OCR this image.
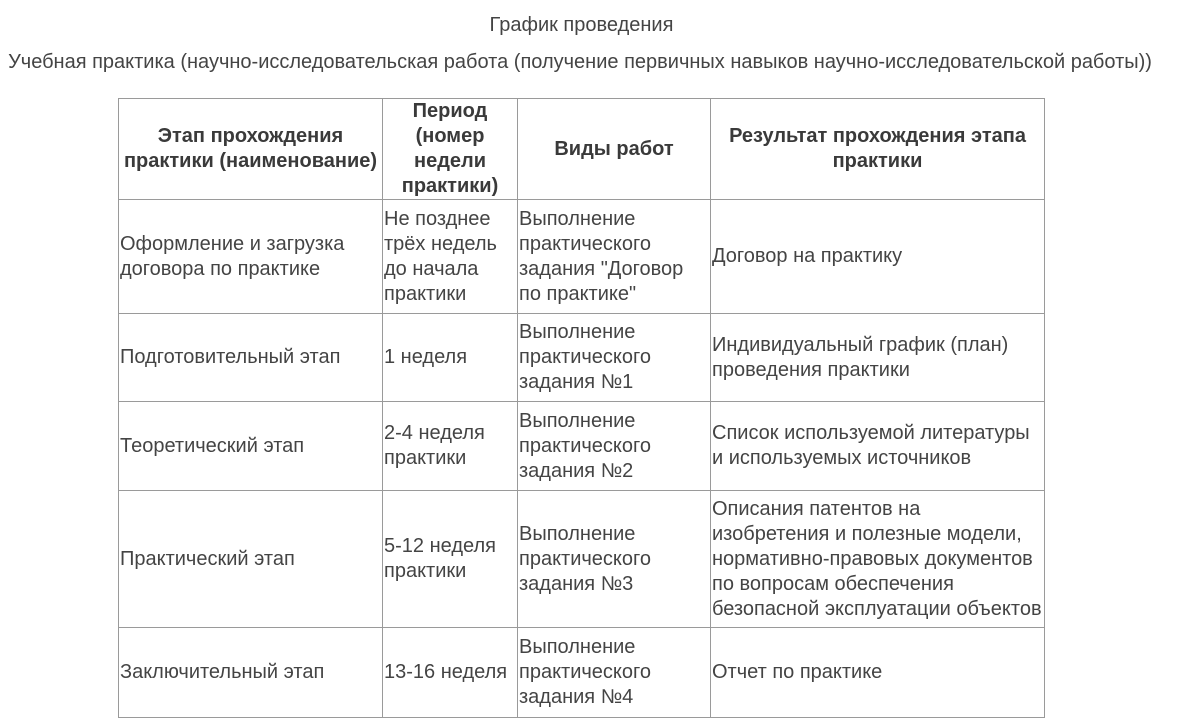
График проведения
Учебная практика (научно-исследовательская работа (получение первичных навыков научно-исследовательской работы))
Этап прохождения практики (наименование)	Период (номер недели практики)	Виды работ	Результат прохождения этапа практики
Оформление и загрузка договора по практике	Не позднее трёх недель до начала практики	Выполнение практического задания "Договор по практике"	Договор на практику
Подготовительный этап	1 неделя	Выполнение практического задания №1	Индивидуальный график (план) проведения практики
Теоретический этап	2-4 неделя практики	Выполнение практического задания №2	Список используемой литературы и используемых источников
Практический этап	5-12 неделя практики	Выполнение практического задания №3	Описания патентов на изобретения и полезные модели, нормативно-правовых документов по вопросам обеспечения безопасной эксплуатации объектов
Заключительный этап	13-16 неделя	Выполнение практического задания №4	Отчет по практике
